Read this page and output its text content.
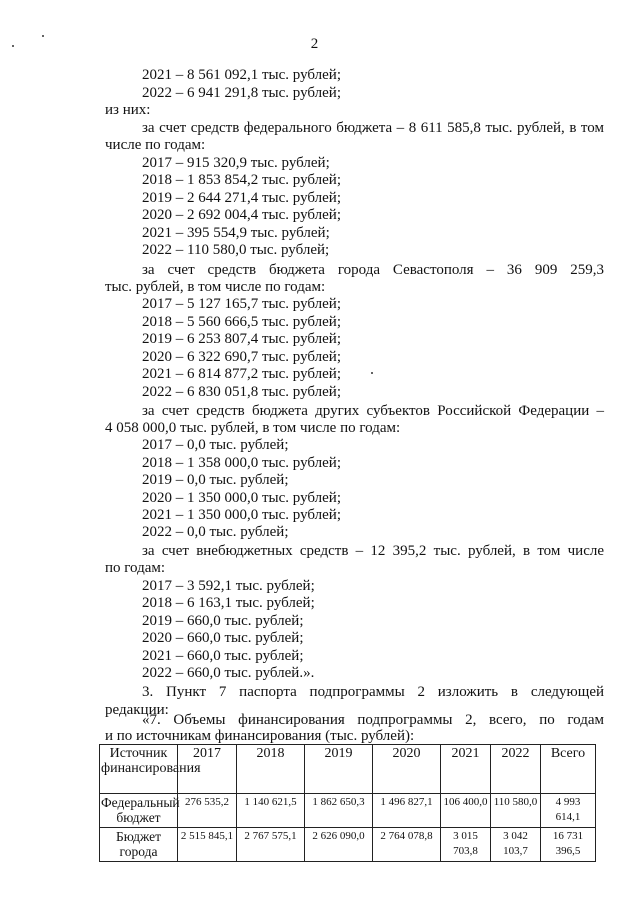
2
2021 – 8 561 092,1 тыс. рублей;
2022 – 6 941 291,8 тыс. рублей;
из них:
за счет средств федерального бюджета – 8 611 585,8 тыс. рублей, в том
числе по годам:
2017 – 915 320,9 тыс. рублей;
2018 – 1 853 854,2 тыс. рублей;
2019 – 2 644 271,4 тыс. рублей;
2020 – 2 692 004,4 тыс. рублей;
2021 – 395 554,9 тыс. рублей;
2022 – 110 580,0 тыс. рублей;
за счет средств бюджета города Севастополя – 36 909 259,3
тыс. рублей, в том числе по годам:
2017 – 5 127 165,7 тыс. рублей;
2018 – 5 560 666,5 тыс. рублей;
2019 – 6 253 807,4 тыс. рублей;
2020 – 6 322 690,7 тыс. рублей;
2021 – 6 814 877,2 тыс. рублей;
2022 – 6 830 051,8 тыс. рублей;
за счет средств бюджета других субъектов Российской Федерации –
4 058 000,0 тыс. рублей, в том числе по годам:
2017 – 0,0 тыс. рублей;
2018 – 1 358 000,0 тыс. рублей;
2019 – 0,0 тыс. рублей;
2020 – 1 350 000,0 тыс. рублей;
2021 – 1 350 000,0 тыс. рублей;
2022 – 0,0 тыс. рублей;
за счет внебюджетных средств – 12 395,2 тыс. рублей, в том числе
по годам:
2017 – 3 592,1 тыс. рублей;
2018 – 6 163,1 тыс. рублей;
2019 – 660,0 тыс. рублей;
2020 – 660,0 тыс. рублей;
2021 – 660,0 тыс. рублей;
2022 – 660,0 тыс. рублей.».
3. Пункт 7 паспорта подпрограммы 2 изложить в следующей
редакции:
«7. Объемы финансирования подпрограммы 2, всего, по годам
и по источникам финансирования (тыс. рублей):
Источник финансирования	2017	2018	2019	2020	2021	2022	Всего
Федеральный бюджет	276 535,2	1 140 621,5	1 862 650,3	1 496 827,1	106 400,0	110 580,0	4 993 614,1
Бюджет города	2 515 845,1	2 767 575,1	2 626 090,0	2 764 078,8	3 015 703,8	3 042 103,7	16 731 396,5
